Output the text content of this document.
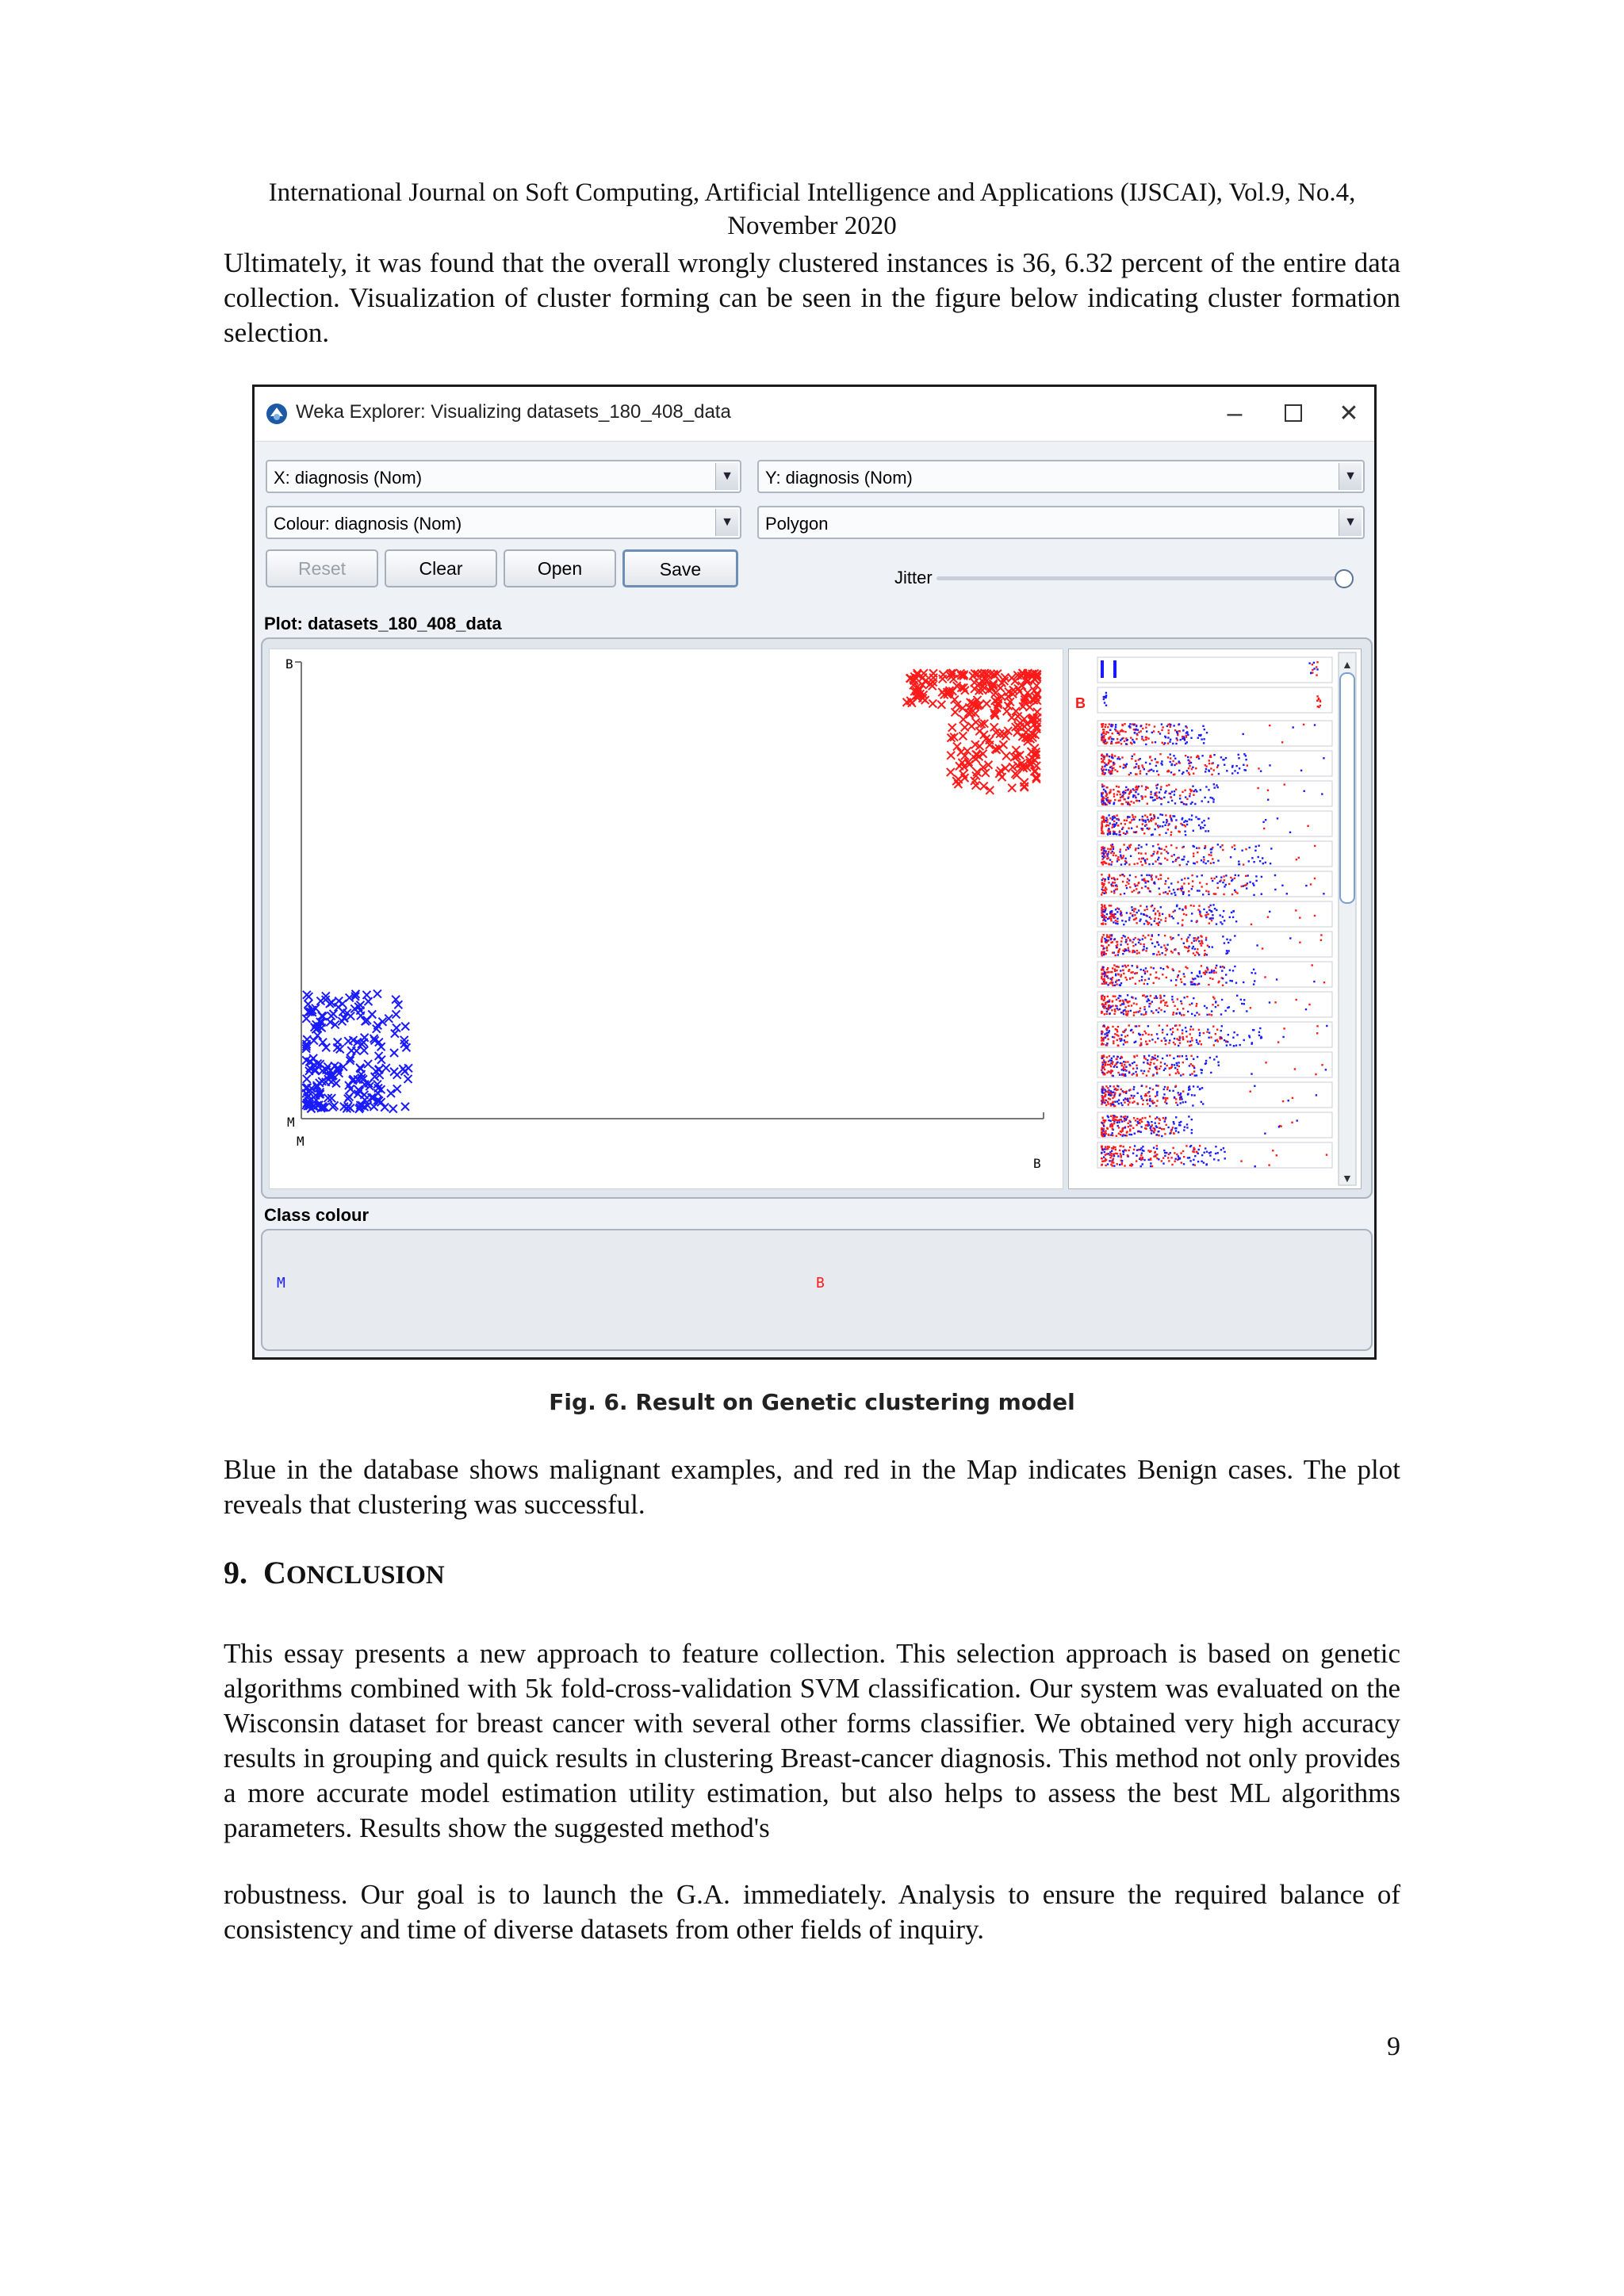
International Journal on Soft Computing, Artificial Intelligence and Applications (IJSCAI), Vol.9, No.4,
November 2020
Ultimately, it was found that the overall wrongly clustered instances is 36, 6.32 percent of the entire data collection. Visualization of cluster forming can be seen in the figure below indicating cluster formation selection.
Weka Explorer: Visualizing datasets_180_408_data	–	✕
X: diagnosis (Nom)	▼ Y: diagnosis (Nom)	▼
Colour: diagnosis (Nom)	▼ Polygon	▼
Reset	Clear	Open	Save	Jitter
Plot: datasets_180_408_data
B
M
M
B
B
▲
▼
Class colour
M	B
Fig. 6. Result on Genetic clustering model
Blue in the database shows malignant examples, and red in the Map indicates Benign cases. The plot reveals that clustering was successful.
9. CONCLUSION
This essay presents a new approach to feature collection. This selection approach is based on genetic algorithms combined with 5k fold-cross-validation SVM classification. Our system was evaluated on the Wisconsin dataset for breast cancer with several other forms classifier. We obtained very high accuracy results in grouping and quick results in clustering Breast-cancer diagnosis. This method not only provides a more accurate model estimation utility estimation, but also helps to assess the best ML algorithms parameters. Results show the suggested method's
robustness. Our goal is to launch the G.A. immediately. Analysis to ensure the required balance of consistency and time of diverse datasets from other fields of inquiry.
9
